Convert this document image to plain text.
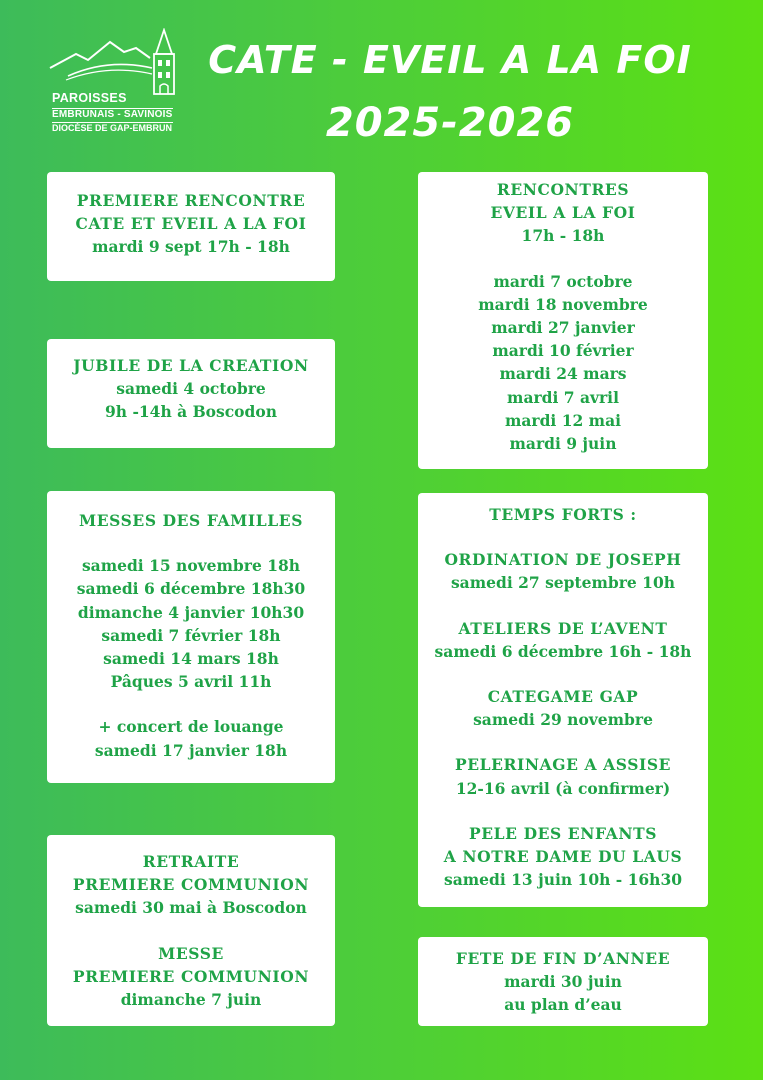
PAROISSES
EMBRUNAIS - SAVINOIS
DIOCÈSE DE GAP-EMBRUN
CATE - EVEIL A LA FOI
2025-2026
PREMIERE RENCONTRE
CATE ET EVEIL A LA FOI
mardi 9 sept 17h - 18h
JUBILE DE LA CREATION
samedi 4 octobre
9h -14h à Boscodon
MESSES DES FAMILLES
samedi 15 novembre 18h
samedi 6 décembre 18h30
dimanche 4 janvier 10h30
samedi 7 février 18h
samedi 14 mars 18h
Pâques 5 avril 11h
+ concert de louange
samedi 17 janvier 18h
RETRAITE
PREMIERE COMMUNION
samedi 30 mai à Boscodon
MESSE
PREMIERE COMMUNION
dimanche 7 juin
RENCONTRES
EVEIL A LA FOI
17h - 18h
mardi 7 octobre
mardi 18 novembre
mardi 27 janvier
mardi 10 février
mardi 24 mars
mardi 7 avril
mardi 12 mai
mardi 9 juin
TEMPS FORTS :
ORDINATION DE JOSEPH
samedi 27 septembre 10h
ATELIERS DE L’AVENT
samedi 6 décembre 16h - 18h
CATEGAME GAP
samedi 29 novembre
PELERINAGE A ASSISE
12-16 avril (à confirmer)
PELE DES ENFANTS
A NOTRE DAME DU LAUS
samedi 13 juin 10h - 16h30
FETE DE FIN D’ANNEE
mardi 30 juin
au plan d’eau
